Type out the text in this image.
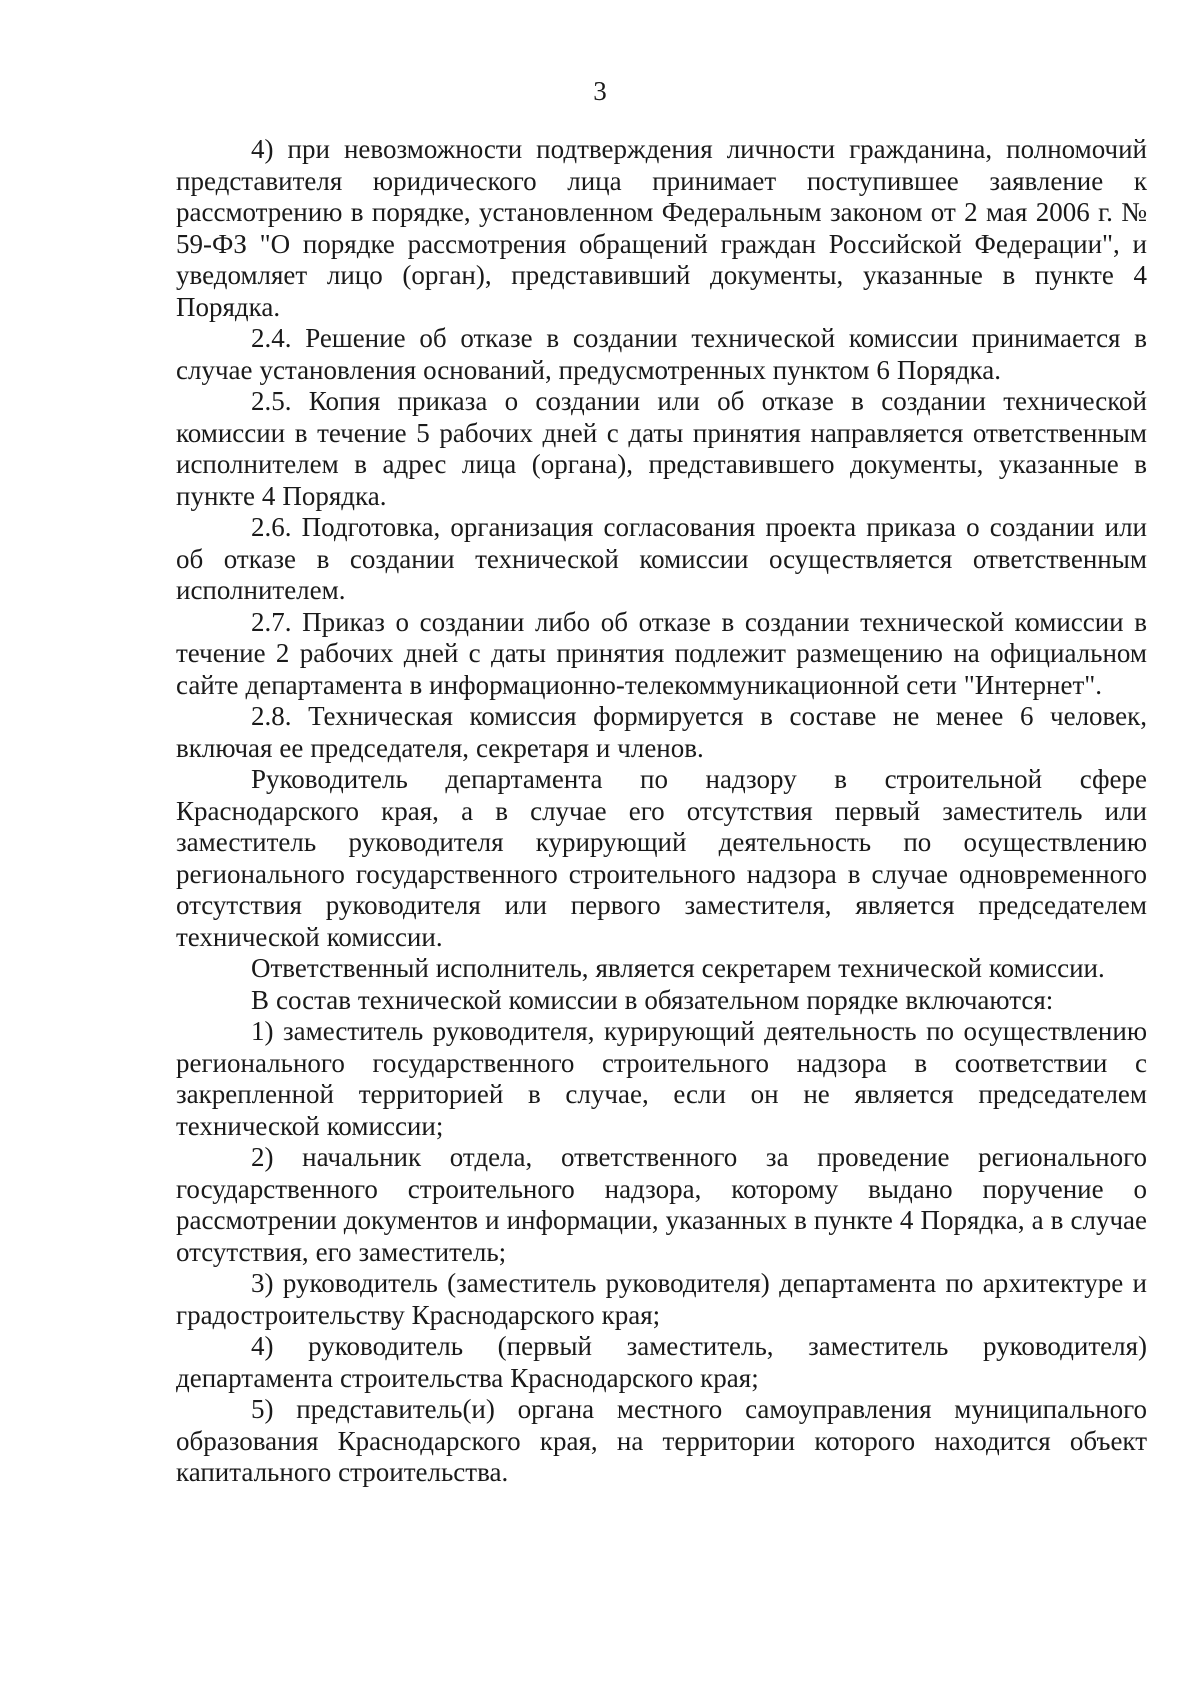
3

4) при невозможности подтверждения личности гражданина, полномочий представителя юридического лица принимает поступившее заявление к рассмотрению в порядке, установленном Федеральным законом от 2 мая 2006 г. № 59-ФЗ "О порядке рассмотрения обращений граждан Российской Федерации", и уведомляет лицо (орган), представивший документы, указанные в пункте 4 Порядка.

2.4. Решение об отказе в создании технической комиссии принимается в случае установления оснований, предусмотренных пунктом 6 Порядка.

2.5. Копия приказа о создании или об отказе в создании технической комиссии в течение 5 рабочих дней с даты принятия направляется ответственным исполнителем в адрес лица (органа), представившего документы, указанные в пункте 4 Порядка.

2.6. Подготовка, организация согласования проекта приказа о создании или об отказе в создании технической комиссии осуществляется ответственным исполнителем.

2.7. Приказ о создании либо об отказе в создании технической комиссии в течение 2 рабочих дней с даты принятия подлежит размещению на официальном сайте департамента в информационно-телекоммуникационной сети "Интернет".

2.8. Техническая комиссия формируется в составе не менее 6 человек, включая ее председателя, секретаря и членов.

Руководитель департамента по надзору в строительной сфере Краснодарского края, а в случае его отсутствия первый заместитель или заместитель руководителя курирующий деятельность по осуществлению регионального государственного строительного надзора в случае одновременного отсутствия руководителя или первого заместителя, является председателем технической комиссии.

Ответственный исполнитель, является секретарем технической комиссии.

В состав технической комиссии в обязательном порядке включаются:

1) заместитель руководителя, курирующий деятельность по осуществлению регионального государственного строительного надзора в соответствии с закрепленной территорией в случае, если он не является председателем технической комиссии;

2) начальник отдела, ответственного за проведение регионального государственного строительного надзора, которому выдано поручение о рассмотрении документов и информации, указанных в пункте 4 Порядка, а в случае отсутствия, его заместитель;

3) руководитель (заместитель руководителя) департамента по архитектуре и градостроительству Краснодарского края;

4) руководитель (первый заместитель, заместитель руководителя) департамента строительства Краснодарского края;

5) представитель(и) органа местного самоуправления муниципального образования Краснодарского края, на территории которого находится объект капитального строительства.
